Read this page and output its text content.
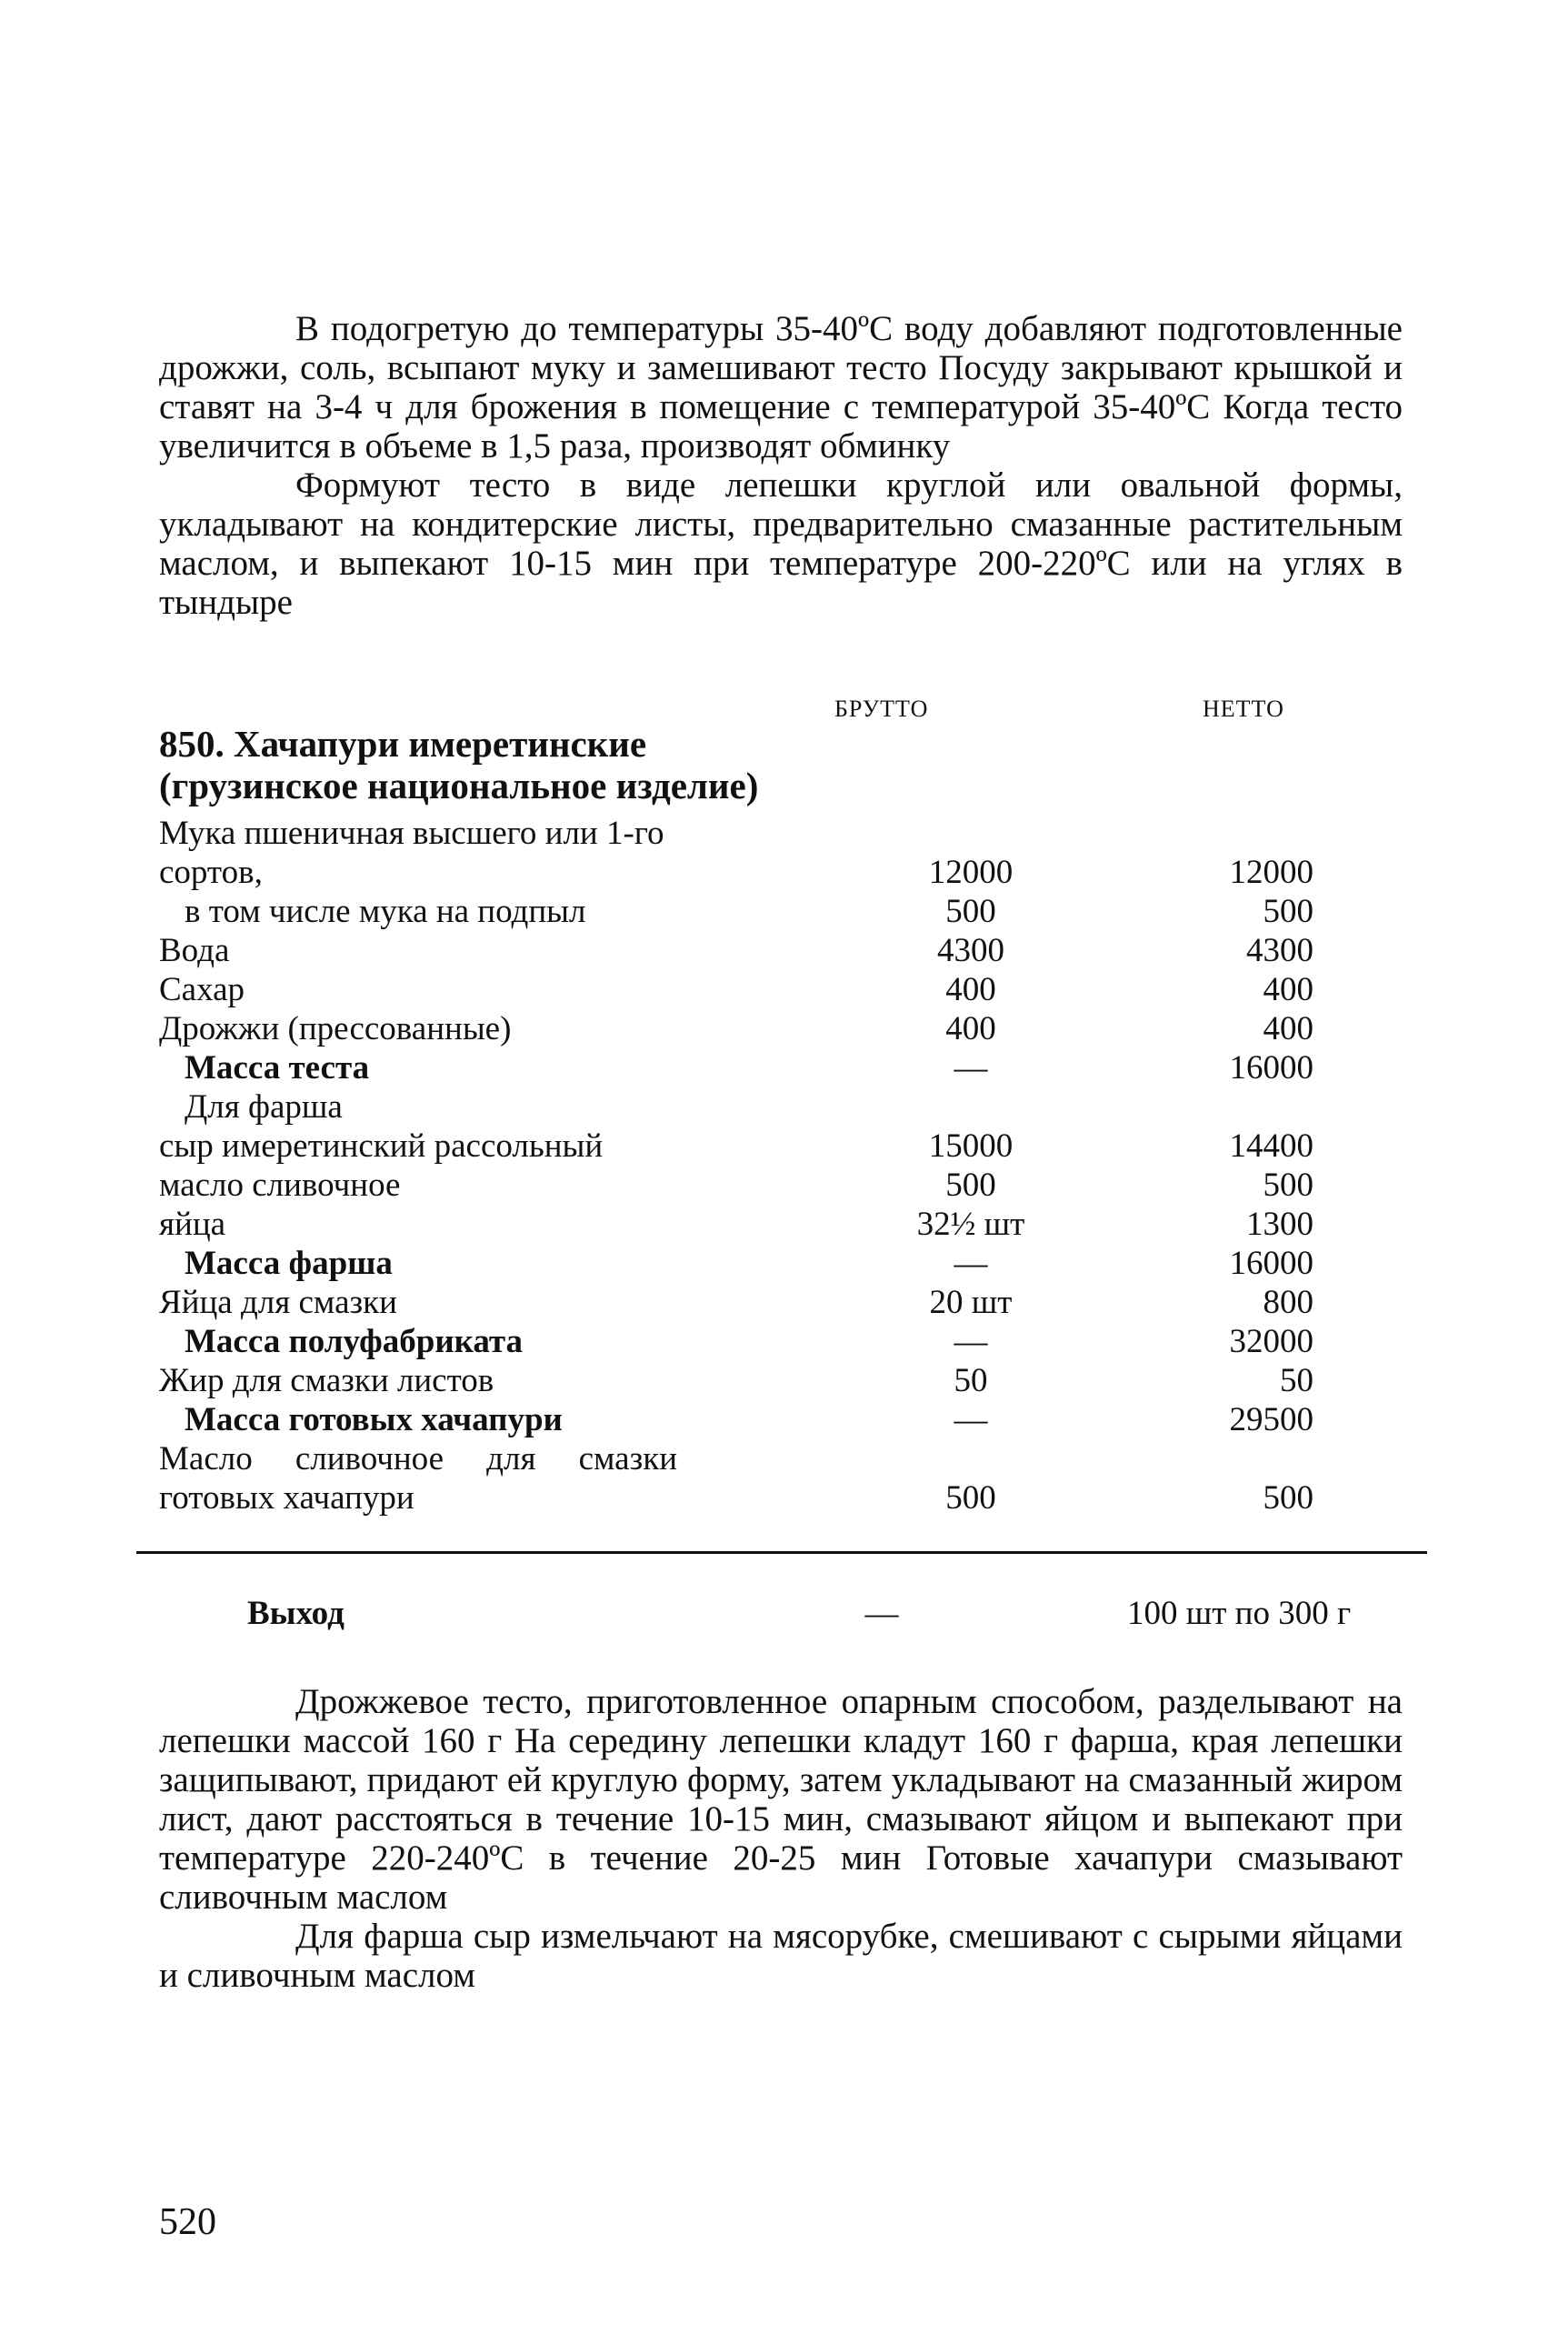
В подогретую до температуры 35-40ºС воду добавляют подготовленные дрожжи, соль, всыпают муку и замешивают тесто Посуду закрывают крышкой и ставят на 3-4 ч для брожения в помещение с температурой 35-40ºС Когда тесто увеличится в объеме в 1,5 раза, производят обминку

Формуют тесто в виде лепешки круглой или овальной формы, укладывают на кондитерские листы, предварительно смазанные растительным маслом, и выпекают 10-15 мин при температуре 200-220ºС или на углях в тындыре

БРУТТО	НЕТТО
850. Хачапури имеретинские (грузинское национальное изделие)
Мука пшеничная высшего или 1-го		
сортов,	12000	12000
в том числе мука на подпыл	500	500
Вода	4300	4300
Сахар	400	400
Дрожжи (прессованные)	400	400
Масса теста	—	16000
Для фарша		
сыр имеретинский рассольный	15000	14400
масло сливочное	500	500
яйца	32½ шт	1300
Масса фарша	—	16000
Яйца для смазки	20 шт	800
Масса полуфабриката	—	32000
Жир для смазки листов	50	50
Масса готовых хачапури	—	29500

Масло сливочное для смазки		

готовых хачапури	500	500
Выход	—	100 шт по 300 г

Дрожжевое тесто, приготовленное опарным способом, разделывают на лепешки массой 160 г На середину лепешки кладут 160 г фарша, края лепешки защипывают, придают ей круглую форму, затем укладывают на смазанный жиром лист, дают расстояться в течение 10-15 мин, смазывают яйцом и выпекают при температуре 220-240ºС в течение 20-25 мин Готовые хачапури смазывают сливочным маслом

Для фарша сыр измельчают на мясорубке, смешивают с сырыми яйцами и сливочным маслом

520
